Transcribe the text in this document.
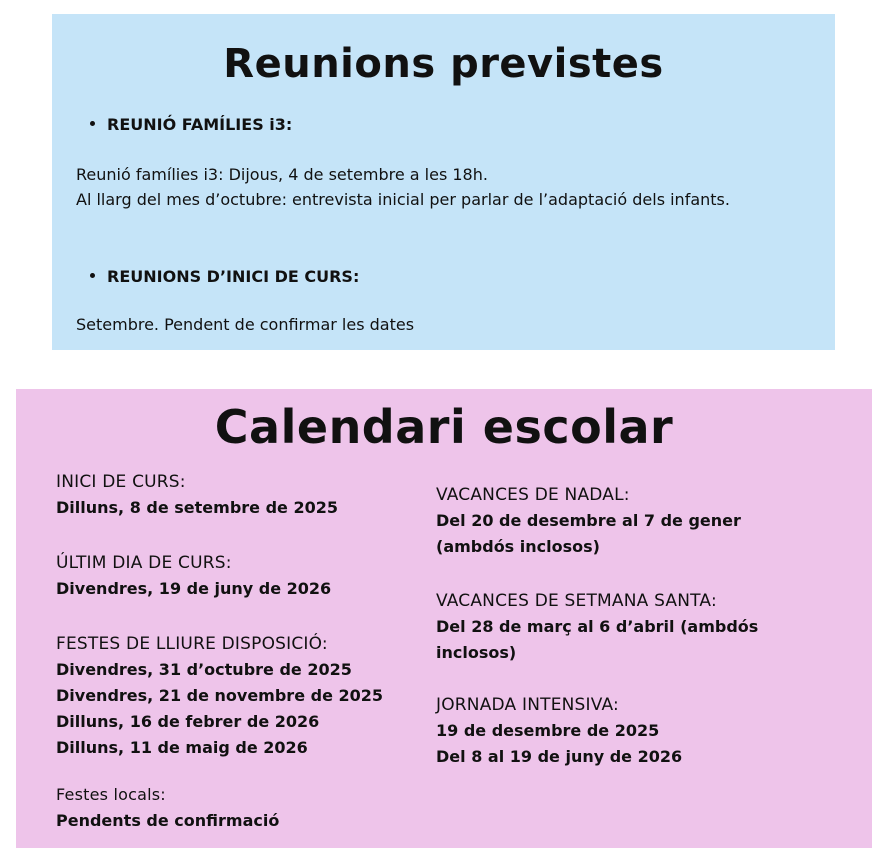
Reunions previstes
REUNIÓ FAMÍLIES i3:
Reunió famílies i3: Dijous, 4 de setembre a les 18h.
Al llarg del mes d’octubre: entrevista inicial per parlar de l’adaptació dels infants.
REUNIONS D’INICI DE CURS:
Setembre. Pendent de confirmar les dates
Calendari escolar
INICI DE CURS:
Dilluns, 8 de setembre de 2025
ÚLTIM DIA DE CURS:
Divendres, 19 de juny de 2026
FESTES DE LLIURE DISPOSICIÓ:
Divendres, 31 d’octubre de 2025
Divendres, 21 de novembre de 2025
Dilluns, 16 de febrer de 2026
Dilluns, 11 de maig de 2026
Festes locals:
Pendents de confirmació
VACANCES DE NADAL:
Del 20 de desembre al 7 de gener (ambdós inclosos)
VACANCES DE SETMANA SANTA:
Del 28 de març al 6 d’abril (ambdós inclosos)
JORNADA INTENSIVA:
19 de desembre de 2025
Del 8 al 19 de juny de 2026
